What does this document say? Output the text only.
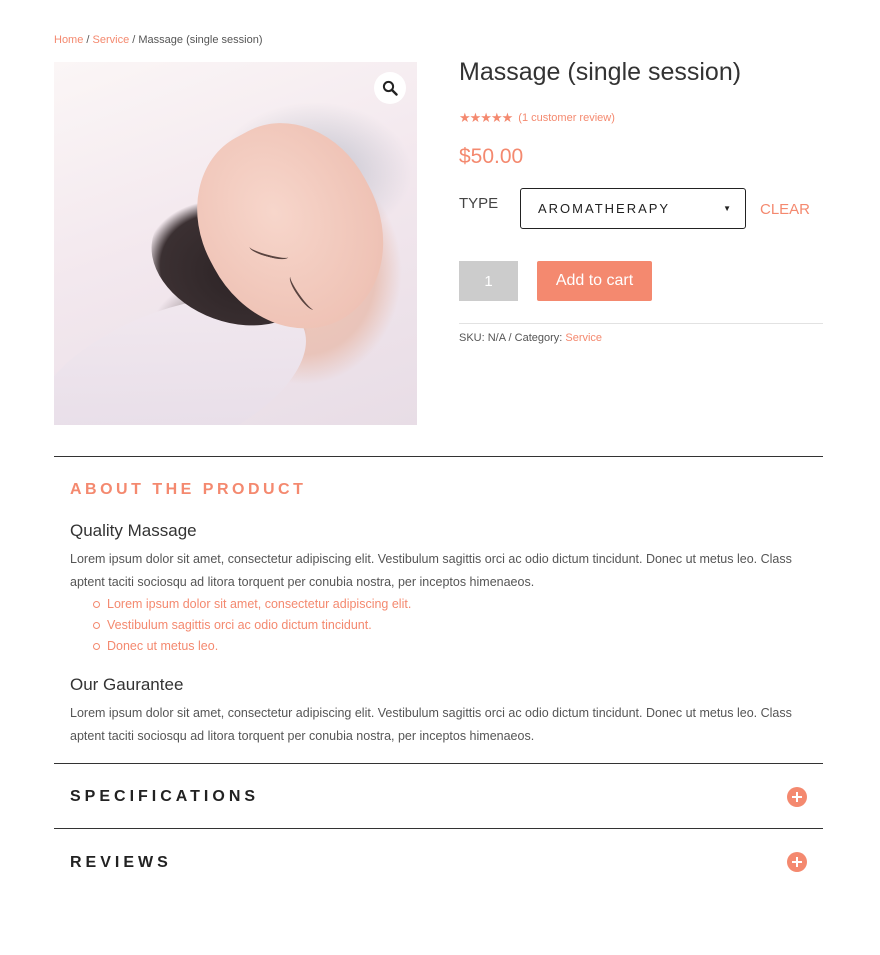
Home / Service / Massage (single session)
Massage (single session)
★★★★★ (1 customer review)
$50.00
TYPE	AROMATHERAPY	▼ CLEAR
1
Add to cart
SKU: N/A / Category: Service
ABOUT THE PRODUCT
Quality Massage

Lorem ipsum dolor sit amet, consectetur adipiscing elit. Vestibulum sagittis orci ac odio dictum tincidunt. Donec ut metus leo. Class aptent taciti sociosqu ad litora torquent per conubia nostra, per inceptos himenaeos.

Lorem ipsum dolor sit amet, consectetur adipiscing elit.
Vestibulum sagittis orci ac odio dictum tincidunt.
Donec ut metus leo.
Our Gaurantee

Lorem ipsum dolor sit amet, consectetur adipiscing elit. Vestibulum sagittis orci ac odio dictum tincidunt. Donec ut metus leo. Class aptent taciti sociosqu ad litora torquent per conubia nostra, per inceptos himenaeos.

SPECIFICATIONS
REVIEWS
